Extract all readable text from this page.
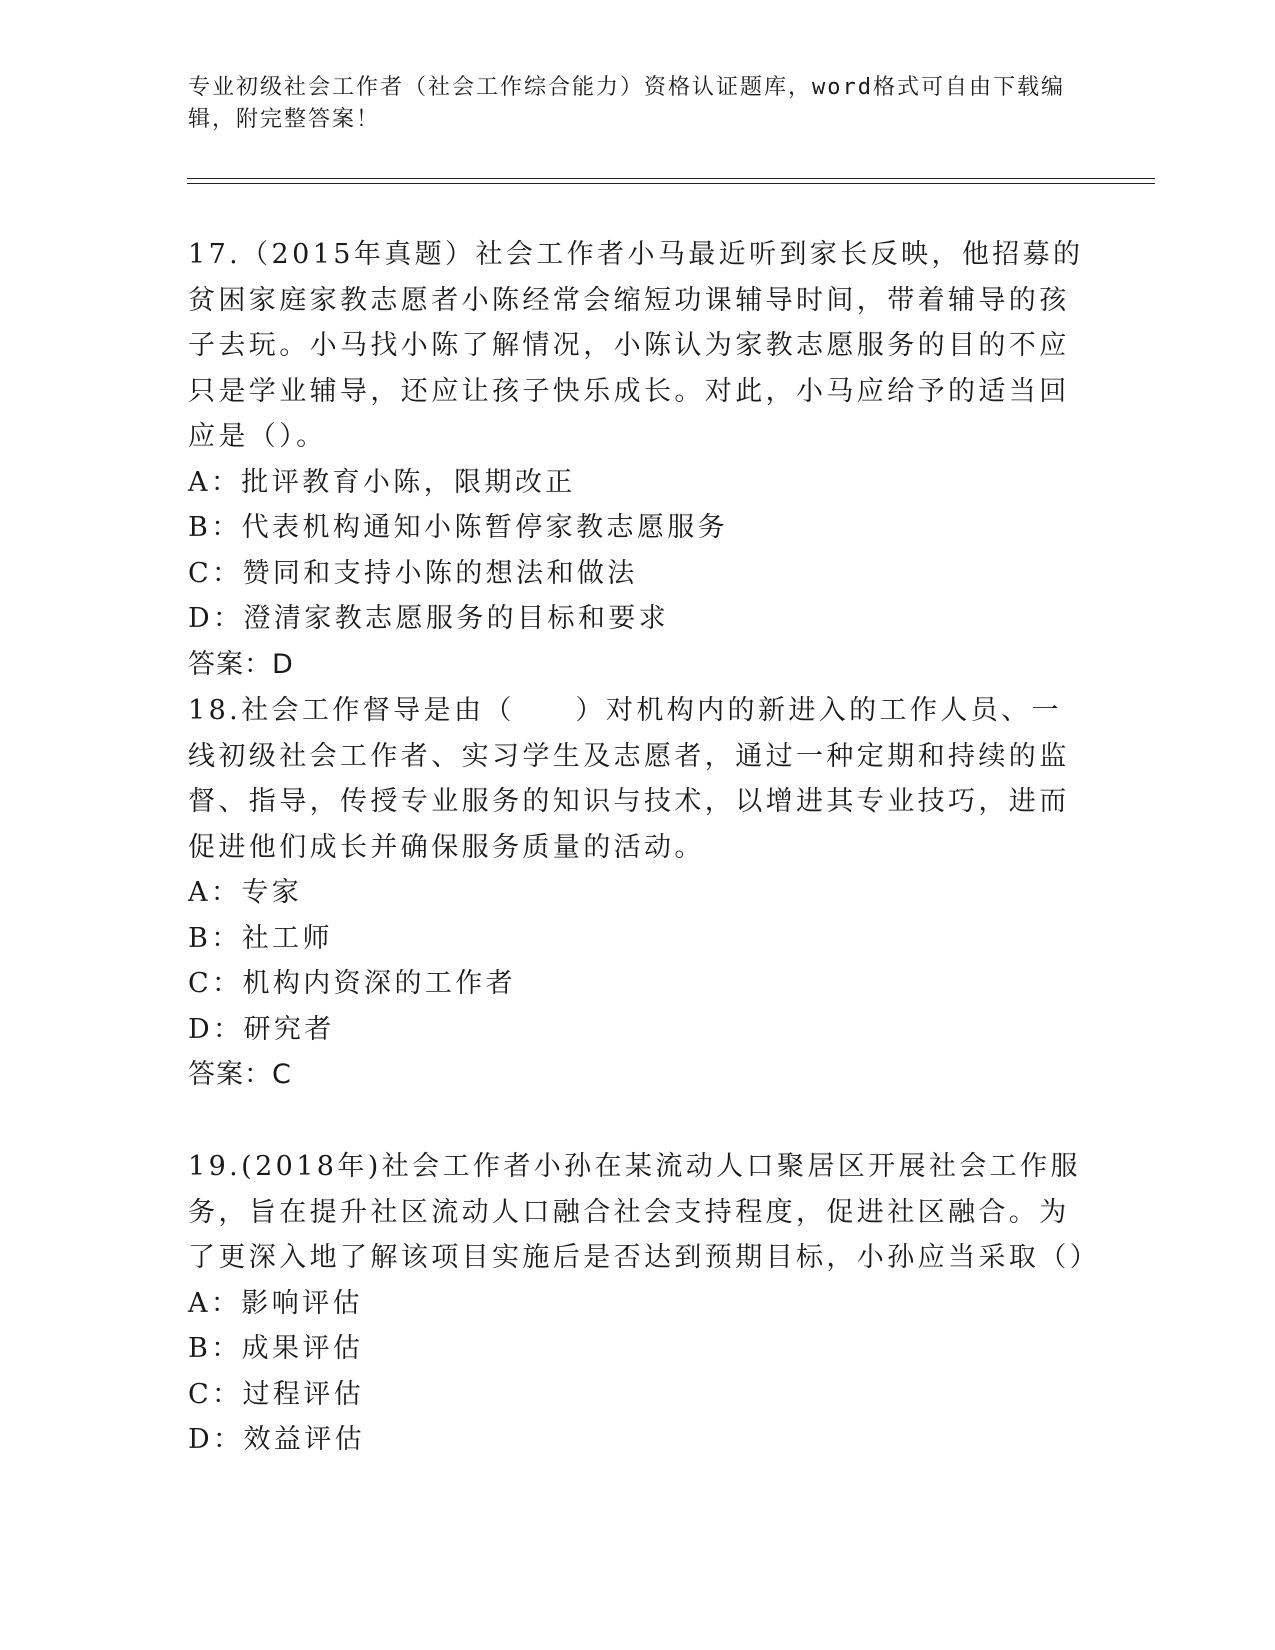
专业初级社会工作者（社会工作综合能力）资格认证题库，word格式可自由下载编辑，附完整答案！

17.（2015年真题）社会工作者小马最近听到家长反映，他招募的贫困家庭家教志愿者小陈经常会缩短功课辅导时间，带着辅导的孩子去玩。小马找小陈了解情况，小陈认为家教志愿服务的目的不应只是学业辅导，还应让孩子快乐成长。对此，小马应给予的适当回应是（）。

A：批评教育小陈，限期改正
B：代表机构通知小陈暂停家教志愿服务
C：赞同和支持小陈的想法和做法
D：澄清家教志愿服务的目标和要求
答案：D

18.社会工作督导是由（　　）对机构内的新进入的工作人员、一线初级社会工作者、实习学生及志愿者，通过一种定期和持续的监督、指导，传授专业服务的知识与技术，以增进其专业技巧，进而促进他们成长并确保服务质量的活动。

A：专家
B：社工师
C：机构内资深的工作者
D：研究者
答案：C

19.(2018年)社会工作者小孙在某流动人口聚居区开展社会工作服务，旨在提升社区流动人口融合社会支持程度，促进社区融合。为了更深入地了解该项目实施后是否达到预期目标，小孙应当采取（）

A：影响评估
B：成果评估
C：过程评估
D：效益评估
